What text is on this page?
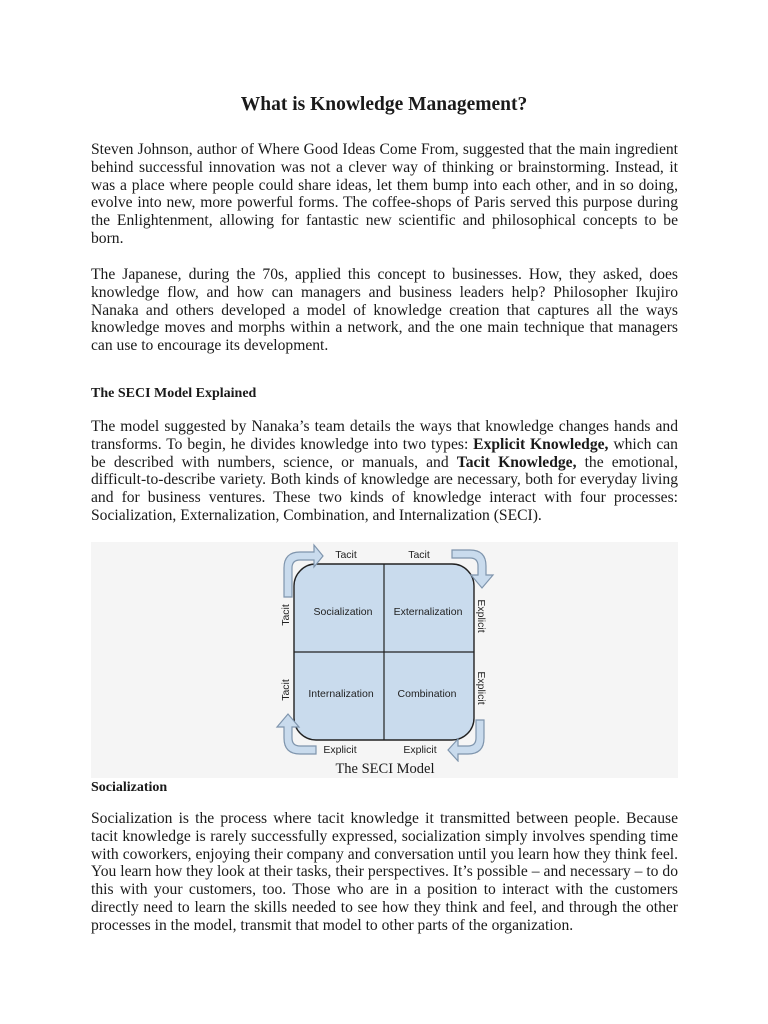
What is Knowledge Management?

Steven Johnson, author of Where Good Ideas Come From, suggested that the main ingredient behind successful innovation was not a clever way of thinking or brainstorming. Instead, it was a place where people could share ideas, let them bump into each other, and in so doing, evolve into new, more powerful forms. The coffee-shops of Paris served this purpose during the Enlightenment, allowing for fantastic new scientific and philosophical concepts to be born.

The Japanese, during the 70s, applied this concept to businesses. How, they asked, does knowledge flow, and how can managers and business leaders help? Philosopher Ikujiro Nanaka and others developed a model of knowledge creation that captures all the ways knowledge moves and morphs within a network, and the one main technique that managers can use to encourage its development.

The SECI Model Explained

The model suggested by Nanaka’s team details the ways that knowledge changes hands and transforms. To begin, he divides knowledge into two types: Explicit Knowledge, which can be described with numbers, science, or manuals, and Tacit Knowledge, the emotional, difficult-to-describe variety. Both kinds of knowledge are necessary, both for everyday living and for business ventures. These two kinds of knowledge interact with four processes: Socialization, Externalization, Combination, and Internalization (SECI).

Socialization Externalization
Internalization Combination
Tacit	Tacit
Explicit	Explicit
Tacit
Tacit
Explicit
Explicit

The SECI Model

Socialization

Socialization is the process where tacit knowledge it transmitted between people. Because tacit knowledge is rarely successfully expressed, socialization simply involves spending time with coworkers, enjoying their company and conversation until you learn how they think feel. You learn how they look at their tasks, their perspectives. It’s possible – and necessary – to do this with your customers, too. Those who are in a position to interact with the customers directly need to learn the skills needed to see how they think and feel, and through the other processes in the model, transmit that model to other parts of the organization.
